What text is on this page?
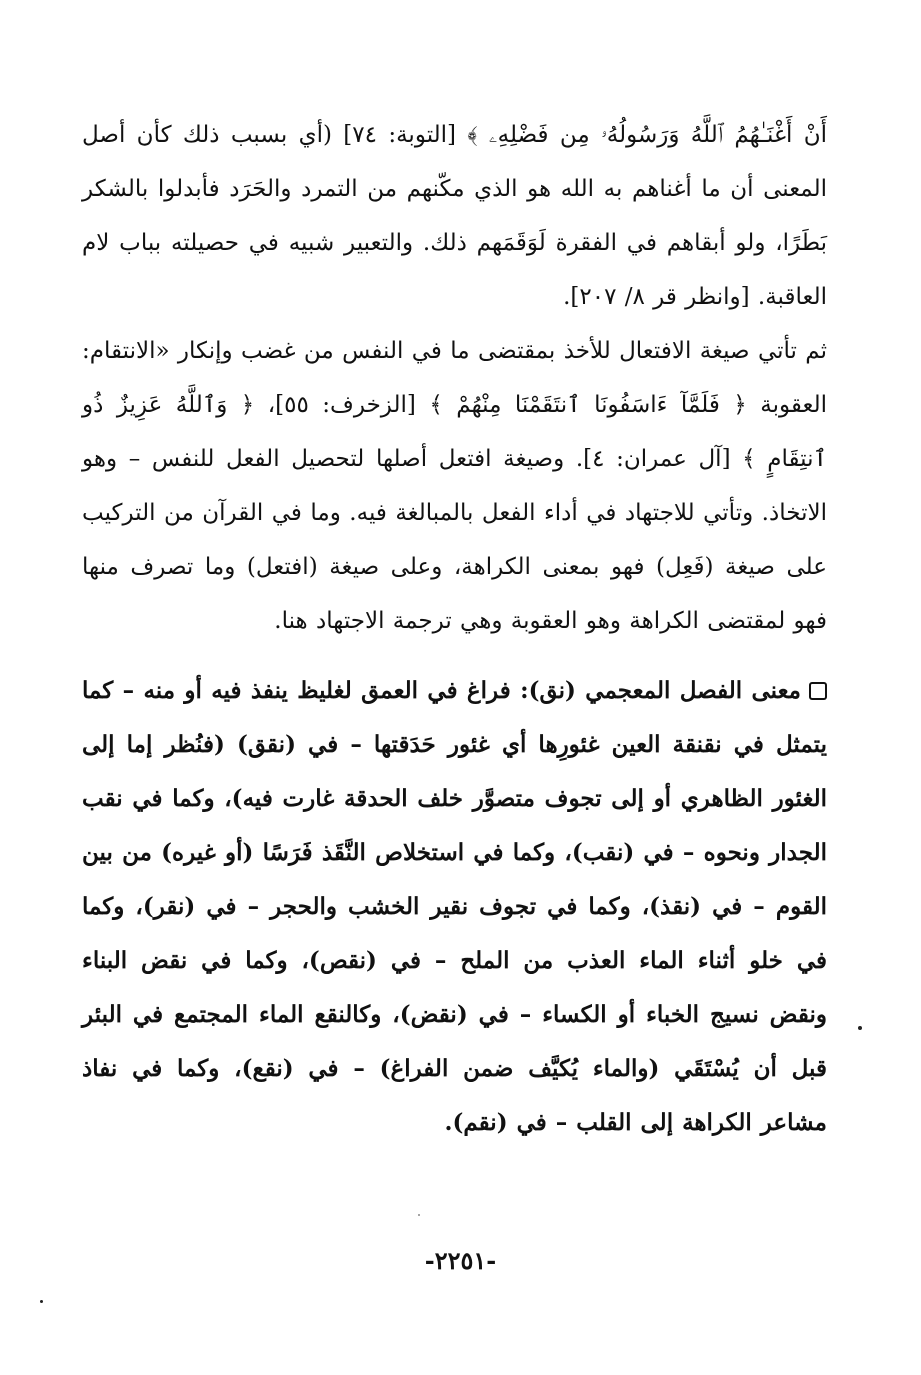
أَنْ أَغْنَـٰهُمُ ٱللَّهُ وَرَسُولُهُۥ مِن فَضْلِهِۦ ﴾ [التوبة: ٧٤] (أي بسبب ذلك كأن أصل المعنى أن ما أغناهم به الله هو الذي مكّنهم من التمرد والحَرَد فأبدلوا بالشكر بَطَرًا، ولو أبقاهم في الفقرة لَوَقَمَهم ذلك. والتعبير شبيه في حصيلته بباب لام العاقبة. [وانظر قر ٨/ ٢٠٧].

ثم تأتي صيغة الافتعال للأخذ بمقتضى ما في النفس من غضب وإنكار «الانتقام: العقوبة ﴿ فَلَمَّآ ءَاسَفُونَا ٱنتَقَمْنَا مِنْهُمْ ﴾ [الزخرف: ٥٥]، ﴿ وَٱللَّهُ عَزِيزٌ ذُو ٱنتِقَامٍ ﴾ [آل عمران: ٤]. وصيغة افتعل أصلها لتحصيل الفعل للنفس – وهو الاتخاذ. وتأتي للاجتهاد في أداء الفعل بالمبالغة فيه. وما في القرآن من التركيب على صيغة (فَعِل) فهو بمعنى الكراهة، وعلى صيغة (افتعل) وما تصرف منها فهو لمقتضى الكراهة وهو العقوبة وهي ترجمة الاجتهاد هنا.

معنى الفصل المعجمي (نق): فراغ في العمق لغليظ ينفذ فيه أو منه – كما يتمثل في نقنقة العين غئورِها أي غئور حَدَقتها – في (نقق) (فنُظر إما إلى الغئور الظاهري أو إلى تجوف متصوَّر خلف الحدقة غارت فيه)، وكما في نقب الجدار ونحوه – في (نقب)، وكما في استخلاص النَّقَذ فَرَسًا (أو غيره) من بين القوم – في (نقذ)، وكما في تجوف نقير الخشب والحجر – في (نقر)، وكما في خلو أثناء الماء العذب من الملح – في (نقص)، وكما في نقض البناء ونقض نسيج الخباء أو الكساء – في (نقض)، وكالنقع الماء المجتمع في البئر قبل أن يُسْتَقَي (والماء يُكيَّف ضمن الفراغ) – في (نقع)، وكما في نفاذ مشاعر الكراهة إلى القلب – في (نقم).

-٢٢٥١-
